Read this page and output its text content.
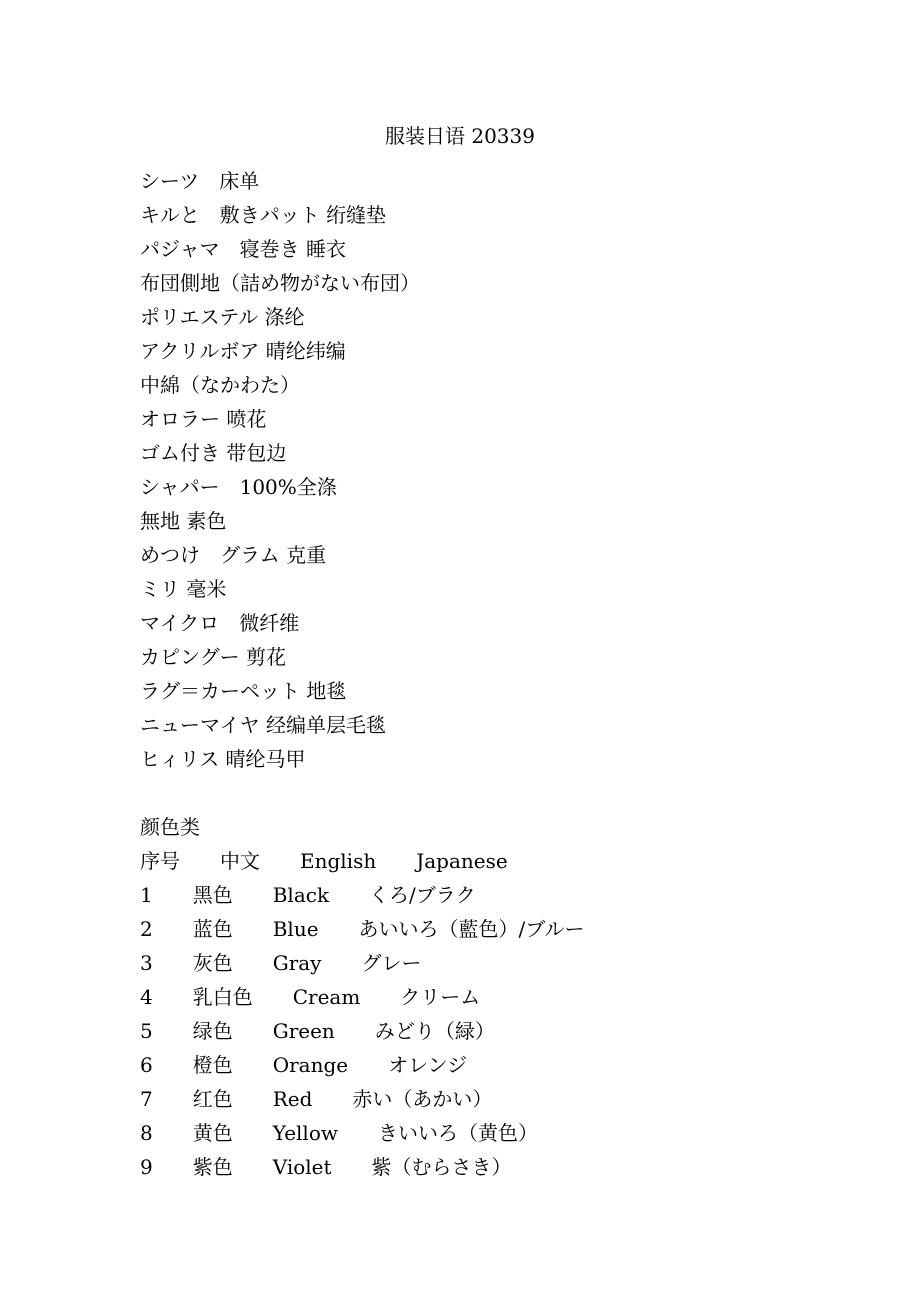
服装日语 20339
シーツ　床单
キルと　敷きパット 绗缝垫
パジャマ　寝巻き 睡衣
布団側地（詰め物がない布団）
ポリエステル 涤纶
アクリルボア 晴纶纬编
中綿（なかわた）
オロラー 喷花
ゴム付き 带包边
シャパー　100%全涤
無地 素色
めつけ　グラム 克重
ミリ 毫米
マイクロ　微纤维
カピングー 剪花
ラグ＝カーペット 地毯
ニューマイヤ 经编单层毛毯
ヒィリス 晴纶马甲
颜色类
序号　　中文　　English　　Japanese
1　　黑色　　Black　　くろ/ブラク
2　　蓝色　　Blue　　あいいろ（藍色）/ブルー
3　　灰色　　Gray　　グレー
4　　乳白色　　Cream　　クリーム
5　　绿色　　Green　　みどり（緑）
6　　橙色　　Orange　　オレンジ
7　　红色　　Red　　赤い（あかい）
8　　黄色　　Yellow　　きいいろ（黄色）
9　　紫色　　Violet　　紫（むらさき）
